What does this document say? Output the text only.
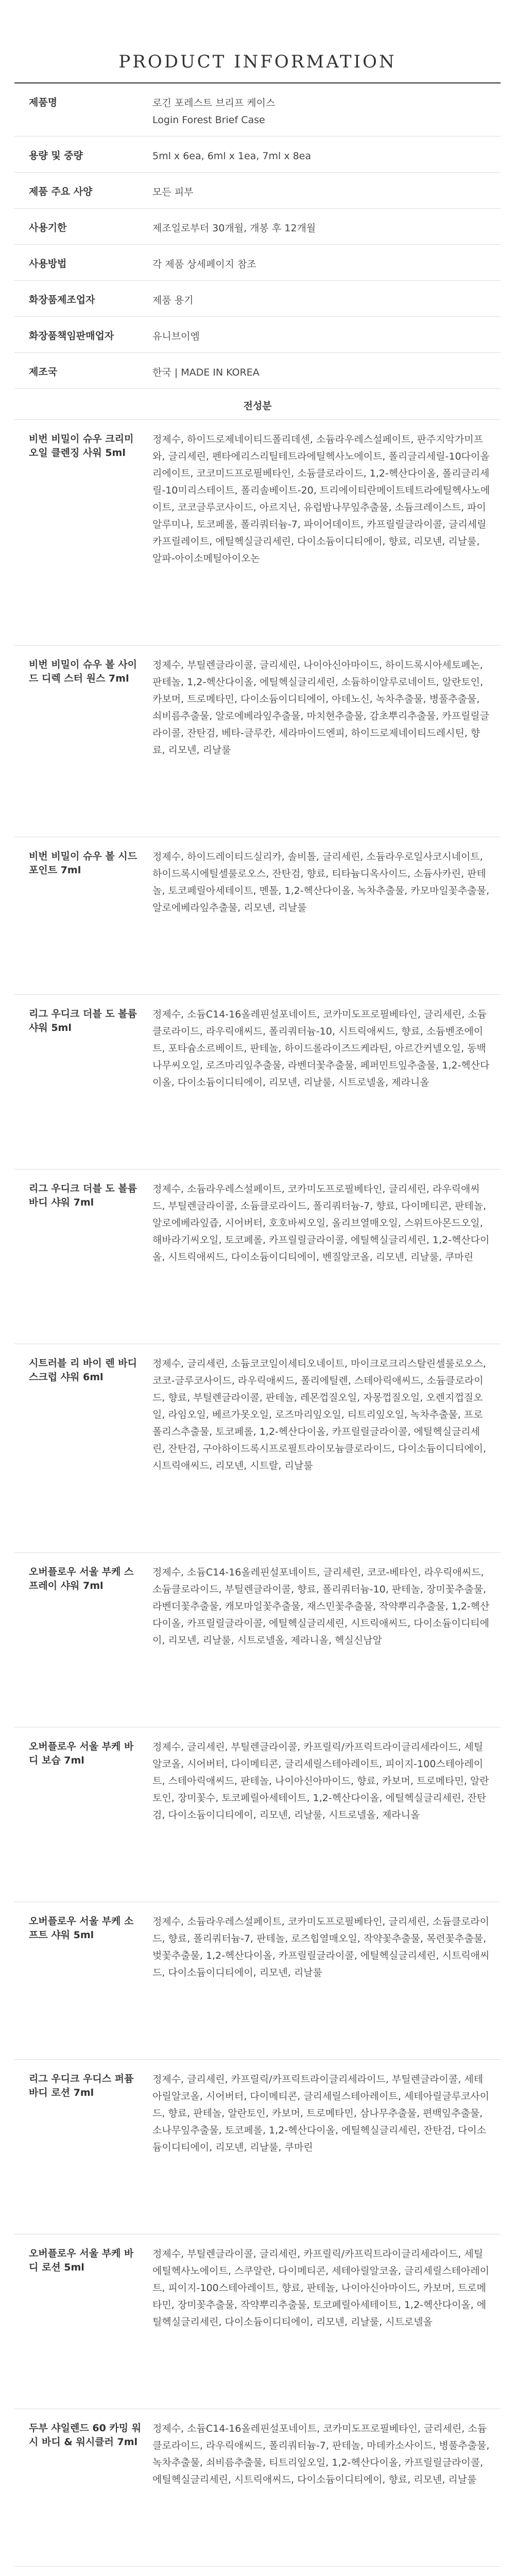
PRODUCT INFORMATION
제품명	로긴 포레스트 브리프 케이스
Login Forest Brief Case
용량 및 중량	5ml x 6ea, 6ml x 1ea, 7ml x 8ea
제품 주요 사양	모든 피부
사용기한	제조일로부터 30개월, 개봉 후 12개월
사용방법	각 제품 상세페이지 참조
화장품제조업자	제품 용기
화장품책임판매업자	유니브이엠
제조국	한국 | MADE IN KOREA
전성분	
비번 비밀이 슈우 크리미 오일 클렌징 사워 5ml	정제수, 하이드로제네이티드폴리데센, 소듐라우레스설페이트, 판주지악가미프와, 글리세린, 펜타에리스리틸테트라에틸헥사노에이트, 폴리글리세릴-10다이올리에이트, 코코미드프로필베타인, 소듐클로라이드, 1,2-헥산다이올, 폴리글리세릴-10미리스테이트, 폴리솔베이트-20, 트리에이티란메이트테트라에틸헥사노에이트, 코코글루코사이드, 아르지닌, 유럽밤나무잎추출물, 소듐크레이스트, 파이알루미나, 토코페롤, 폴리쿼터늄-7, 파이어데이트, 카프릴릴글라이콜, 글리세릴카프릴레이트, 에틸헥실글리세린, 다이소듐이디티에이, 향료, 리모넨, 리날룰, 알파-아이소메틸아이오논
비번 비밀이 슈우 볼 사이드 디렉 스터 원스 7ml	정제수, 부틸렌글라이콜, 글리세린, 나이아신아마이드, 하이드록시아세토페논, 판테놀, 1,2-헥산다이올, 에틸헥실글리세린, 소듐하이알루로네이트, 알란토인, 카보머, 트로메타민, 다이소듐이디티에이, 아데노신, 녹차추출물, 병풀추출물, 쇠비름추출물, 알로에베라잎추출물, 마치현추출물, 감초뿌리추출물, 카프릴릴글라이콜, 잔탄검, 베타-글루칸, 세라마이드엔피, 하이드로제네이티드레시틴, 향료, 리모넨, 리날룰
비번 비밀이 슈우 볼 시드 포인트 7ml	정제수, 하이드레이티드실리카, 솔비톨, 글리세린, 소듐라우로일사코시네이트, 하이드록시에틸셀룰로오스, 잔탄검, 향료, 티타늄디옥사이드, 소듐사카린, 판테놀, 토코페릴아세테이트, 멘톨, 1,2-헥산다이올, 녹차추출물, 카모마일꽃추출물, 알로에베라잎추출물, 리모넨, 리날룰
리그 우디크 더블 도 볼륨 샤워 5ml	정제수, 소듐C14-16올레핀설포네이트, 코카미도프로필베타인, 글리세린, 소듐클로라이드, 라우릭애씨드, 폴리쿼터늄-10, 시트릭애씨드, 향료, 소듐벤조에이트, 포타슘소르베이트, 판테놀, 하이드롤라이즈드케라틴, 아르간커넬오일, 동백나무씨오일, 로즈마리잎추출물, 라벤더꽃추출물, 페퍼민트잎추출물, 1,2-헥산다이올, 다이소듐이디티에이, 리모넨, 리날룰, 시트로넬올, 제라니올
리그 우디크 더블 도 볼륨 바디 샤워 7ml	정제수, 소듐라우레스설페이트, 코카미도프로필베타인, 글리세린, 라우릭애씨드, 부틸렌글라이콜, 소듐클로라이드, 폴리쿼터늄-7, 향료, 다이메티콘, 판테놀, 알로에베라잎즙, 시어버터, 호호바씨오일, 올리브열매오일, 스위트아몬드오일, 해바라기씨오일, 토코페롤, 카프릴릴글라이콜, 에틸헥실글리세린, 1,2-헥산다이올, 시트릭애씨드, 다이소듐이디티에이, 벤질알코올, 리모넨, 리날룰, 쿠마린
시트러블 리 바이 렌 바디 스크럽 샤워 6ml	정제수, 글리세린, 소듐코코일이세티오네이트, 마이크로크리스탈린셀룰로오스, 코코-글루코사이드, 라우릭애씨드, 폴리에틸렌, 스테아릭애씨드, 소듐클로라이드, 향료, 부틸렌글라이콜, 판테놀, 레몬껍질오일, 자몽껍질오일, 오렌지껍질오일, 라임오일, 베르가못오일, 로즈마리잎오일, 티트리잎오일, 녹차추출물, 프로폴리스추출물, 토코페롤, 1,2-헥산다이올, 카프릴릴글라이콜, 에틸헥실글리세린, 잔탄검, 구아하이드록시프로필트라이모늄클로라이드, 다이소듐이디티에이, 시트릭애씨드, 리모넨, 시트랄, 리날룰
오버플로우 서울 부케 스프레이 샤워 7ml	정제수, 소듐C14-16올레핀설포네이트, 글리세린, 코코-베타인, 라우릭애씨드, 소듐클로라이드, 부틸렌글라이콜, 향료, 폴리쿼터늄-10, 판테놀, 장미꽃추출물, 라벤더꽃추출물, 캐모마일꽃추출물, 재스민꽃추출물, 작약뿌리추출물, 1,2-헥산다이올, 카프릴릴글라이콜, 에틸헥실글리세린, 시트릭애씨드, 다이소듐이디티에이, 리모넨, 리날룰, 시트로넬올, 제라니올, 헥실신남알
오버플로우 서울 부케 바디 보습 7ml	정제수, 글리세린, 부틸렌글라이콜, 카프릴릭/카프릭트라이글리세라이드, 세틸알코올, 시어버터, 다이메티콘, 글리세릴스테아레이트, 피이지-100스테아레이트, 스테아릭애씨드, 판테놀, 나이아신아마이드, 향료, 카보머, 트로메타민, 알란토인, 장미꽃수, 토코페릴아세테이트, 1,2-헥산다이올, 에틸헥실글리세린, 잔탄검, 다이소듐이디티에이, 리모넨, 리날룰, 시트로넬올, 제라니올
오버플로우 서울 부케 소프트 샤워 5ml	정제수, 소듐라우레스설페이트, 코카미도프로필베타인, 글리세린, 소듐클로라이드, 향료, 폴리쿼터늄-7, 판테놀, 로즈힙열매오일, 작약꽃추출물, 목련꽃추출물, 벚꽃추출물, 1,2-헥산다이올, 카프릴릴글라이콜, 에틸헥실글리세린, 시트릭애씨드, 다이소듐이디티에이, 리모넨, 리날룰
리그 우디크 우디스 퍼퓸 바디 로션 7ml	정제수, 글리세린, 카프릴릭/카프릭트라이글리세라이드, 부틸렌글라이콜, 세테아릴알코올, 시어버터, 다이메티콘, 글리세릴스테아레이트, 세테아릴글루코사이드, 향료, 판테놀, 알란토인, 카보머, 트로메타민, 삼나무추출물, 편백잎추출물, 소나무잎추출물, 토코페롤, 1,2-헥산다이올, 에틸헥실글리세린, 잔탄검, 다이소듐이디티에이, 리모넨, 리날룰, 쿠마린
오버플로우 서울 부케 바디 로션 5ml	정제수, 부틸렌글라이콜, 글리세린, 카프릴릭/카프릭트라이글리세라이드, 세틸에틸헥사노에이트, 스쿠알란, 다이메티콘, 세테아릴알코올, 글리세릴스테아레이트, 피이지-100스테아레이트, 향료, 판테놀, 나이아신아마이드, 카보머, 트로메타민, 장미꽃추출물, 작약뿌리추출물, 토코페릴아세테이트, 1,2-헥산다이올, 에틸헥실글리세린, 다이소듐이디티에이, 리모넨, 리날룰, 시트로넬올
두부 샤일렌드 60 카밍 워시 바디 & 워시클러 7ml	정제수, 소듐C14-16올레핀설포네이트, 코카미도프로필베타인, 글리세린, 소듐클로라이드, 라우릭애씨드, 폴리쿼터늄-7, 판테놀, 마데카소사이드, 병풀추출물, 녹차추출물, 쇠비름추출물, 티트리잎오일, 1,2-헥산다이올, 카프릴릴글라이콜, 에틸헥실글리세린, 시트릭애씨드, 다이소듐이디티에이, 향료, 리모넨, 리날룰
